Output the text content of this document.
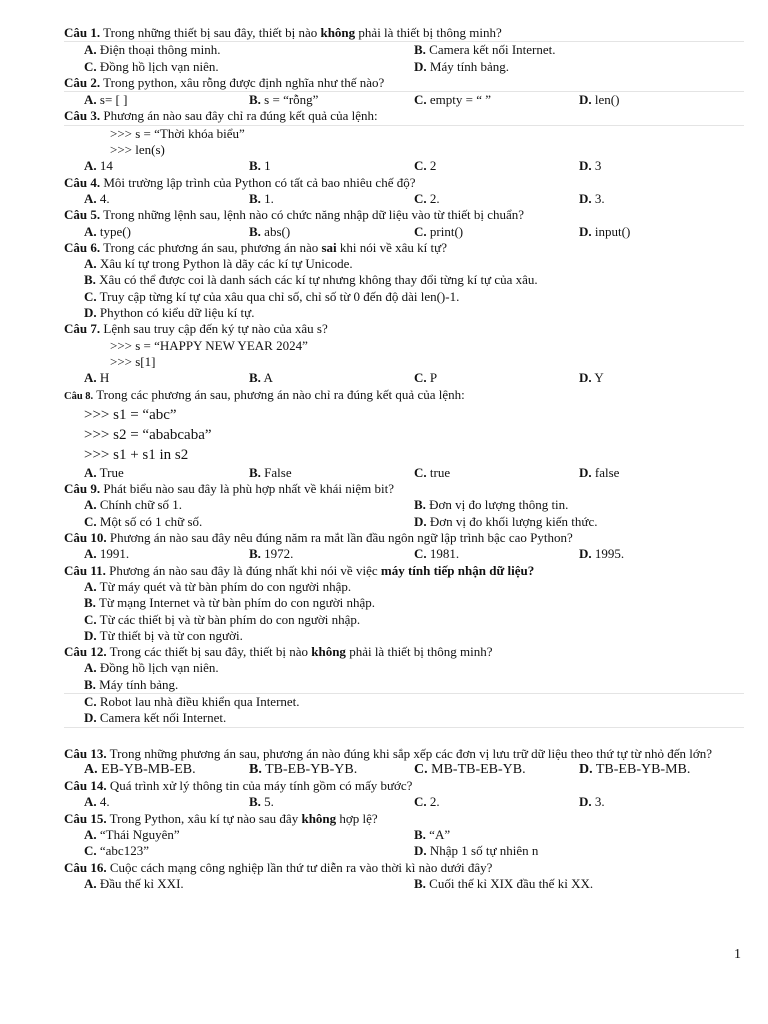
Câu 1. Trong những thiết bị sau đây, thiết bị nào không phải là thiết bị thông minh?

A. Điện thoại thông minh.	B. Camera kết nối Internet.
C. Đồng hồ lịch vạn niên.	D. Máy tính bảng.

Câu 2. Trong python, xâu rỗng được định nghĩa như thế nào?

A. s= [ ]	B. s = “rỗng”	C. empty = “ ”	D. len()

Câu 3. Phương án nào sau đây chỉ ra đúng kết quả của lệnh:

>>> s = “Thời khóa biểu”
>>> len(s)
A. 14	B. 1	C. 2	D. 3

Câu 4. Môi trường lập trình của Python có tất cả bao nhiêu chế độ?

A. 4.	B. 1.	C. 2.	D. 3.

Câu 5. Trong những lệnh sau, lệnh nào có chức năng nhập dữ liệu vào từ thiết bị chuẩn?

A. type()	B. abs()	C. print()	D. input()

Câu 6. Trong các phương án sau, phương án nào sai khi nói về xâu kí tự?

A. Xâu kí tự trong Python là dãy các kí tự Unicode.
B. Xâu có thể được coi là danh sách các kí tự nhưng không thay đổi từng kí tự của xâu.
C. Truy cập từng kí tự của xâu qua chỉ số, chỉ số từ 0 đến độ dài len()-1.
D. Phython có kiểu dữ liệu kí tự.

Câu 7. Lệnh sau truy cập đến ký tự nào của xâu s?

>>> s = “HAPPY NEW YEAR 2024”
>>> s[1]
A. H	B. A	C. P	D. Y

Câu 8. Trong các phương án sau, phương án nào chỉ ra đúng kết quả của lệnh:

>>> s1 = “abc”
>>> s2 = “ababcaba”
>>> s1 + s1 in s2
A. True	B. False	C. true	D. false

Câu 9. Phát biểu nào sau đây là phù hợp nhất về khái niệm bit?

A. Chính chữ số 1.	B. Đơn vị đo lượng thông tin.
C. Một số có 1 chữ số.	D. Đơn vị đo khối lượng kiến thức.

Câu 10. Phương án nào sau đây nêu đúng năm ra mắt lần đầu ngôn ngữ lập trình bậc cao Python?

A. 1991.	B. 1972.	C. 1981.	D. 1995.

Câu 11. Phương án nào sau đây là đúng nhất khi nói về việc máy tính tiếp nhận dữ liệu?

A. Từ máy quét và từ bàn phím do con người nhập.
B. Từ mạng Internet và từ bàn phím do con người nhập.
C. Từ các thiết bị và từ bàn phím do con người nhập.
D. Từ thiết bị và từ con người.

Câu 12. Trong các thiết bị sau đây, thiết bị nào không phải là thiết bị thông minh?

A. Đồng hồ lịch vạn niên.
B. Máy tính bảng.
C. Robot lau nhà điều khiển qua Internet.
D. Camera kết nối Internet.

Câu 13. Trong những phương án sau, phương án nào đúng khi sắp xếp các đơn vị lưu trữ dữ liệu theo thứ tự từ nhỏ đến lớn?

A. EB-YB-MB-EB.	B. TB-EB-YB-YB.	C. MB-TB-EB-YB.	D. TB-EB-YB-MB.

Câu 14. Quá trình xử lý thông tin của máy tính gồm có mấy bước?

A. 4.	B. 5.	C. 2.	D. 3.

Câu 15. Trong Python, xâu kí tự nào sau đây không hợp lệ?

A. “Thái Nguyên”	B. “A”
C. “abc123”	D. Nhập 1 số tự nhiên n

Câu 16. Cuộc cách mạng công nghiệp lần thứ tư diễn ra vào thời kì nào dưới đây?

A. Đầu thế kỉ XXI.	B. Cuối thế kỉ XIX đầu thế kỉ XX.
1
